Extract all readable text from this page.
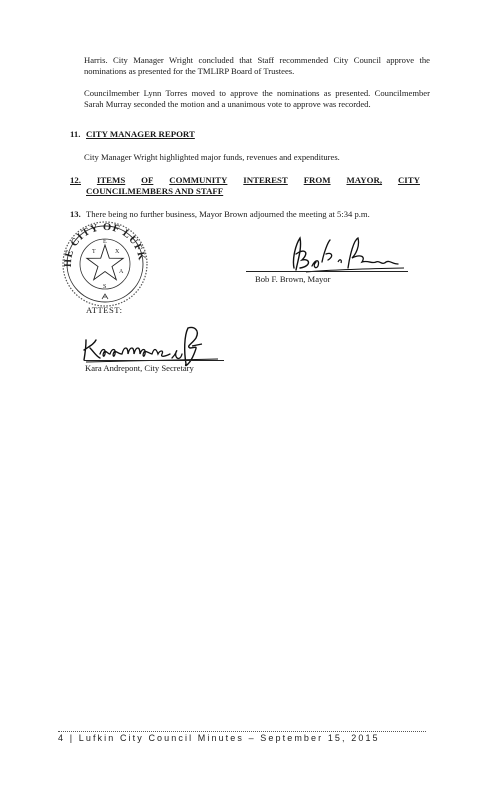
Harris. City Manager Wright concluded that Staff recommended City Council approve the nominations as presented for the TMLIRP Board of Trustees.

Councilmember Lynn Torres moved to approve the nominations as presented. Councilmember Sarah Murray seconded the motion and a unanimous vote to approve was recorded.

11. CITY MANAGER REPORT

City Manager Wright highlighted major funds, revenues and expenditures.

12. ITEMS OF COMMUNITY INTEREST FROM MAYOR, CITY
COUNCILMEMBERS AND STAFF
13. There being no further business, Mayor Brown adjourned the meeting at 5:34 p.m.
THE CITY OF LUFKIN
T
E
X
A
S
Bob F. Brown, Mayor
ATTEST:
Kara Andrepont, City Secretary
4 | Lufkin City Council Minutes – September 15, 2015
